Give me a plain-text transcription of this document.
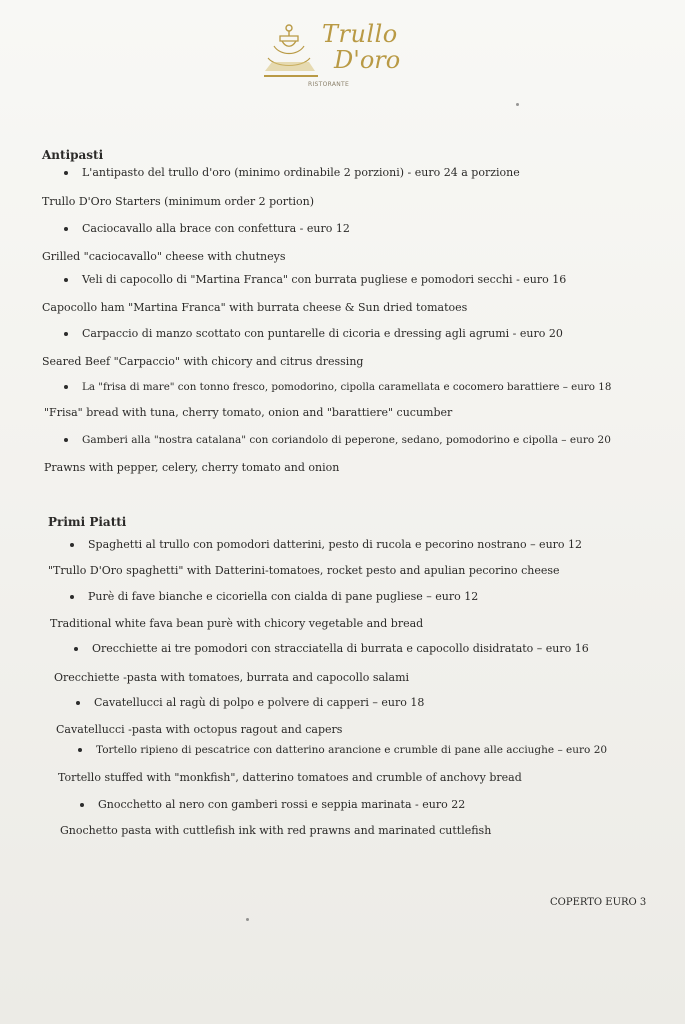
Trullo
D'oro
RISTORANTE
Antipasti
L'antipasto del trullo d'oro (minimo ordinabile 2 porzioni) - euro 24 a porzione
Trullo D'Oro Starters (minimum order 2 portion)
Caciocavallo alla brace con confettura - euro 12
Grilled "caciocavallo" cheese with chutneys
Veli di capocollo di "Martina Franca" con burrata pugliese e pomodori secchi - euro 16
Capocollo ham "Martina Franca" with burrata cheese & Sun dried tomatoes
Carpaccio di manzo scottato con puntarelle di cicoria e dressing agli agrumi - euro 20
Seared Beef "Carpaccio" with chicory and citrus dressing
La "frisa di mare" con tonno fresco, pomodorino, cipolla caramellata e cocomero barattiere – euro 18
"Frisa" bread with tuna, cherry tomato, onion and "barattiere" cucumber
Gamberi alla "nostra catalana" con coriandolo di peperone, sedano, pomodorino e cipolla – euro 20
Prawns with pepper, celery, cherry tomato and onion
Primi Piatti
Spaghetti al trullo con pomodori datterini, pesto di rucola e pecorino nostrano – euro 12
"Trullo D'Oro spaghetti" with Datterini-tomatoes, rocket pesto and apulian pecorino cheese
Purè di fave bianche e cicoriella con cialda di pane pugliese – euro 12
Traditional white fava bean purè with chicory vegetable and bread
Orecchiette ai tre pomodori con stracciatella di burrata e capocollo disidratato – euro 16
Orecchiette -pasta with tomatoes, burrata and capocollo salami
Cavatellucci al ragù di polpo e polvere di capperi – euro 18
Cavatellucci -pasta with octopus ragout and capers
Tortello ripieno di pescatrice con datterino arancione e crumble di pane alle acciughe – euro 20
Tortello stuffed with "monkfish", datterino tomatoes and crumble of anchovy bread
Gnocchetto al nero con gamberi rossi e seppia marinata - euro 22
Gnochetto pasta with cuttlefish ink with red prawns and marinated cuttlefish
COPERTO EURO 3
